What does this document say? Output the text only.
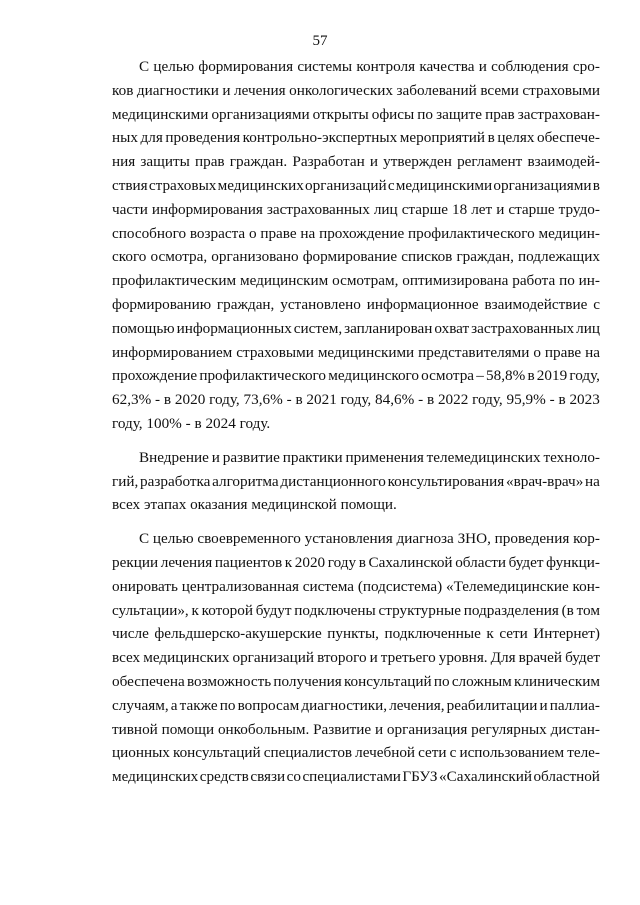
57
С целью формирования системы контроля качества и соблюдения сро-
ков диагностики и лечения онкологических заболеваний всеми страховыми
медицинскими организациями открыты офисы по защите прав застрахован-
ных для проведения контрольно-экспертных мероприятий в целях обеспече-
ния защиты прав граждан. Разработан и утвержден регламент взаимодей-
ствия страховых медицинских организаций с медицинскими организациями в
части информирования застрахованных лиц старше 18 лет и старше трудо-
способного возраста о праве на прохождение профилактического медицин-
ского осмотра, организовано формирование списков граждан, подлежащих
профилактическим медицинским осмотрам, оптимизирована работа по ин-
формированию граждан, установлено информационное взаимодействие с
помощью информационных систем, запланирован охват застрахованных лиц
информированием страховыми медицинскими представителями о праве на
прохождение профилактического медицинского осмотра – 58,8% в 2019 году,
62,3% - в 2020 году, 73,6% - в 2021 году, 84,6% - в 2022 году, 95,9% - в 2023
году, 100% - в 2024 году.
Внедрение и развитие практики применения телемедицинских техноло-
гий, разработка алгоритма дистанционного консультирования «врач-врач» на
всех этапах оказания медицинской помощи.
С целью своевременного установления диагноза ЗНО, проведения кор-
рекции лечения пациентов к 2020 году в Сахалинской области будет функци-
онировать централизованная система (подсистема) «Телемедицинские кон-
сультации», к которой будут подключены структурные подразделения (в том
числе фельдшерско-акушерские пункты, подключенные к сети Интернет)
всех медицинских организаций второго и третьего уровня. Для врачей будет
обеспечена возможность получения консультаций по сложным клиническим
случаям, а также по вопросам диагностики, лечения, реабилитации и паллиа-
тивной помощи онкобольным. Развитие и организация регулярных дистан-
ционных консультаций специалистов лечебной сети с использованием теле-
медицинских средств связи со специалистами ГБУЗ «Сахалинский областной
